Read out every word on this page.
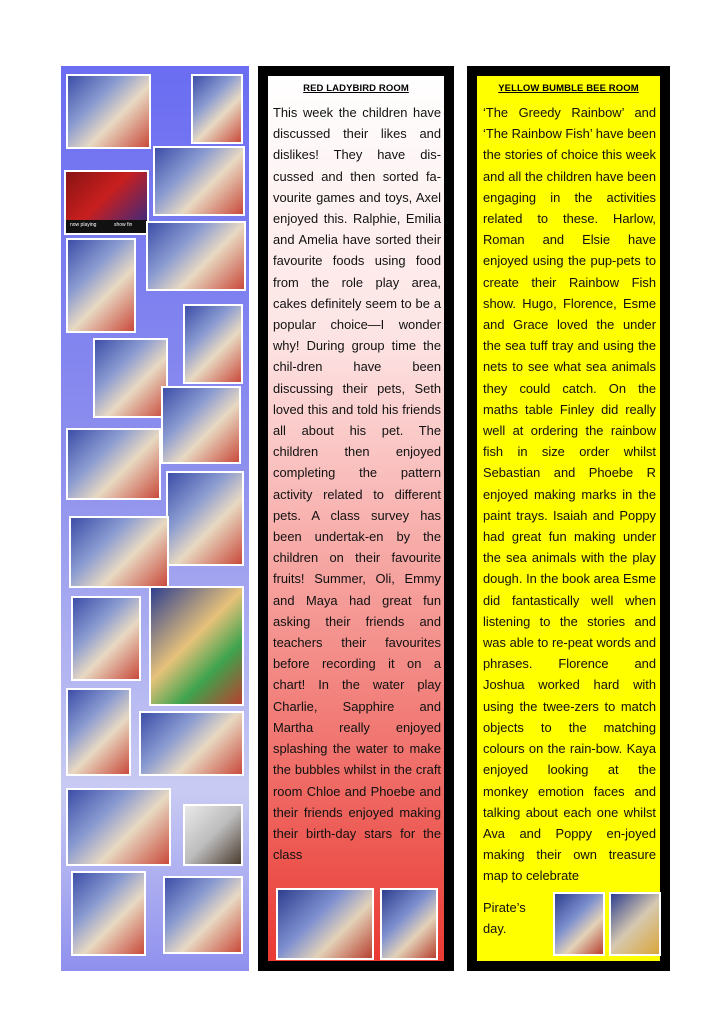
now playing	show fin
RED LADYBIRD ROOM
This week the children have discussed their likes and dislikes! They have dis-cussed and then sorted fa-vourite games and toys, Axel enjoyed this. Ralphie, Emilia and Amelia have sorted their favourite foods using food from the role play area, cakes definitely seem to be a popular choice—I wonder why! During group time the chil-dren have been discussing their pets, Seth loved this and told his friends all about his pet. The children then enjoyed completing the pattern activity related to different pets. A class survey has been undertak-en by the children on their favourite fruits! Summer, Oli, Emmy and Maya had great fun asking their friends and teachers their favourites before recording it on a chart! In the water play Charlie, Sapphire and Martha really enjoyed splashing the water to make the bubbles whilst in the craft room Chloe and Phoebe and their friends enjoyed making their birth-day stars for the class
YELLOW BUMBLE BEE ROOM
‘The Greedy Rainbow’ and ‘The Rainbow Fish’ have been the stories of choice this week and all the children have been engaging in the activities related to these. Harlow, Roman and Elsie have enjoyed using the pup-pets to create their Rainbow Fish show. Hugo, Florence, Esme and Grace loved the under the sea tuff tray and using the nets to see what sea animals they could catch. On the maths table Finley did really well at ordering the rainbow fish in size order whilst Sebastian and Phoebe R enjoyed making marks in the paint trays. Isaiah and Poppy had great fun making under the sea animals with the play dough. In the book area Esme did fantastically well when listening to the stories and was able to re-peat words and phrases. Florence and Joshua worked hard with using the twee-zers to match objects to the matching colours on the rain-bow. Kaya enjoyed looking at the monkey emotion faces and talking about each one whilst Ava and Poppy en-joyed making their own treasure map to celebrate
Pirate’s
day.
